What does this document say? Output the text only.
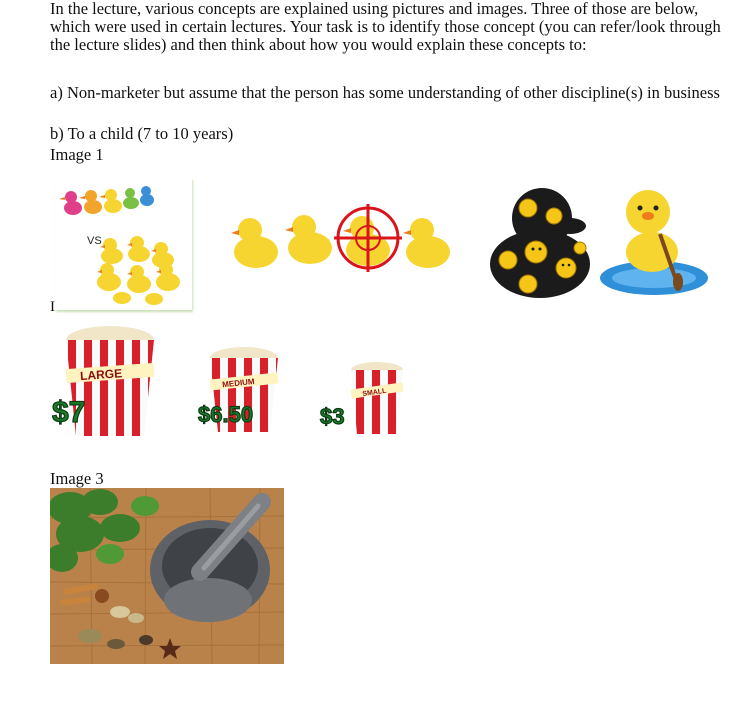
In the lecture, various concepts are explained using pictures and images. Three of those are below, which were used in certain lectures. Your task is to identify those concept (you can refer/look through the lecture slides) and then think about how you would explain these concepts to:

a) Non-marketer but assume that the person has some understanding of other discipline(s) in business

b) To a child (7 to 10 years)

Image 1

VS
I
LARGE
MEDIUM
SMALL
$7	$6.50	$3

Image 3
